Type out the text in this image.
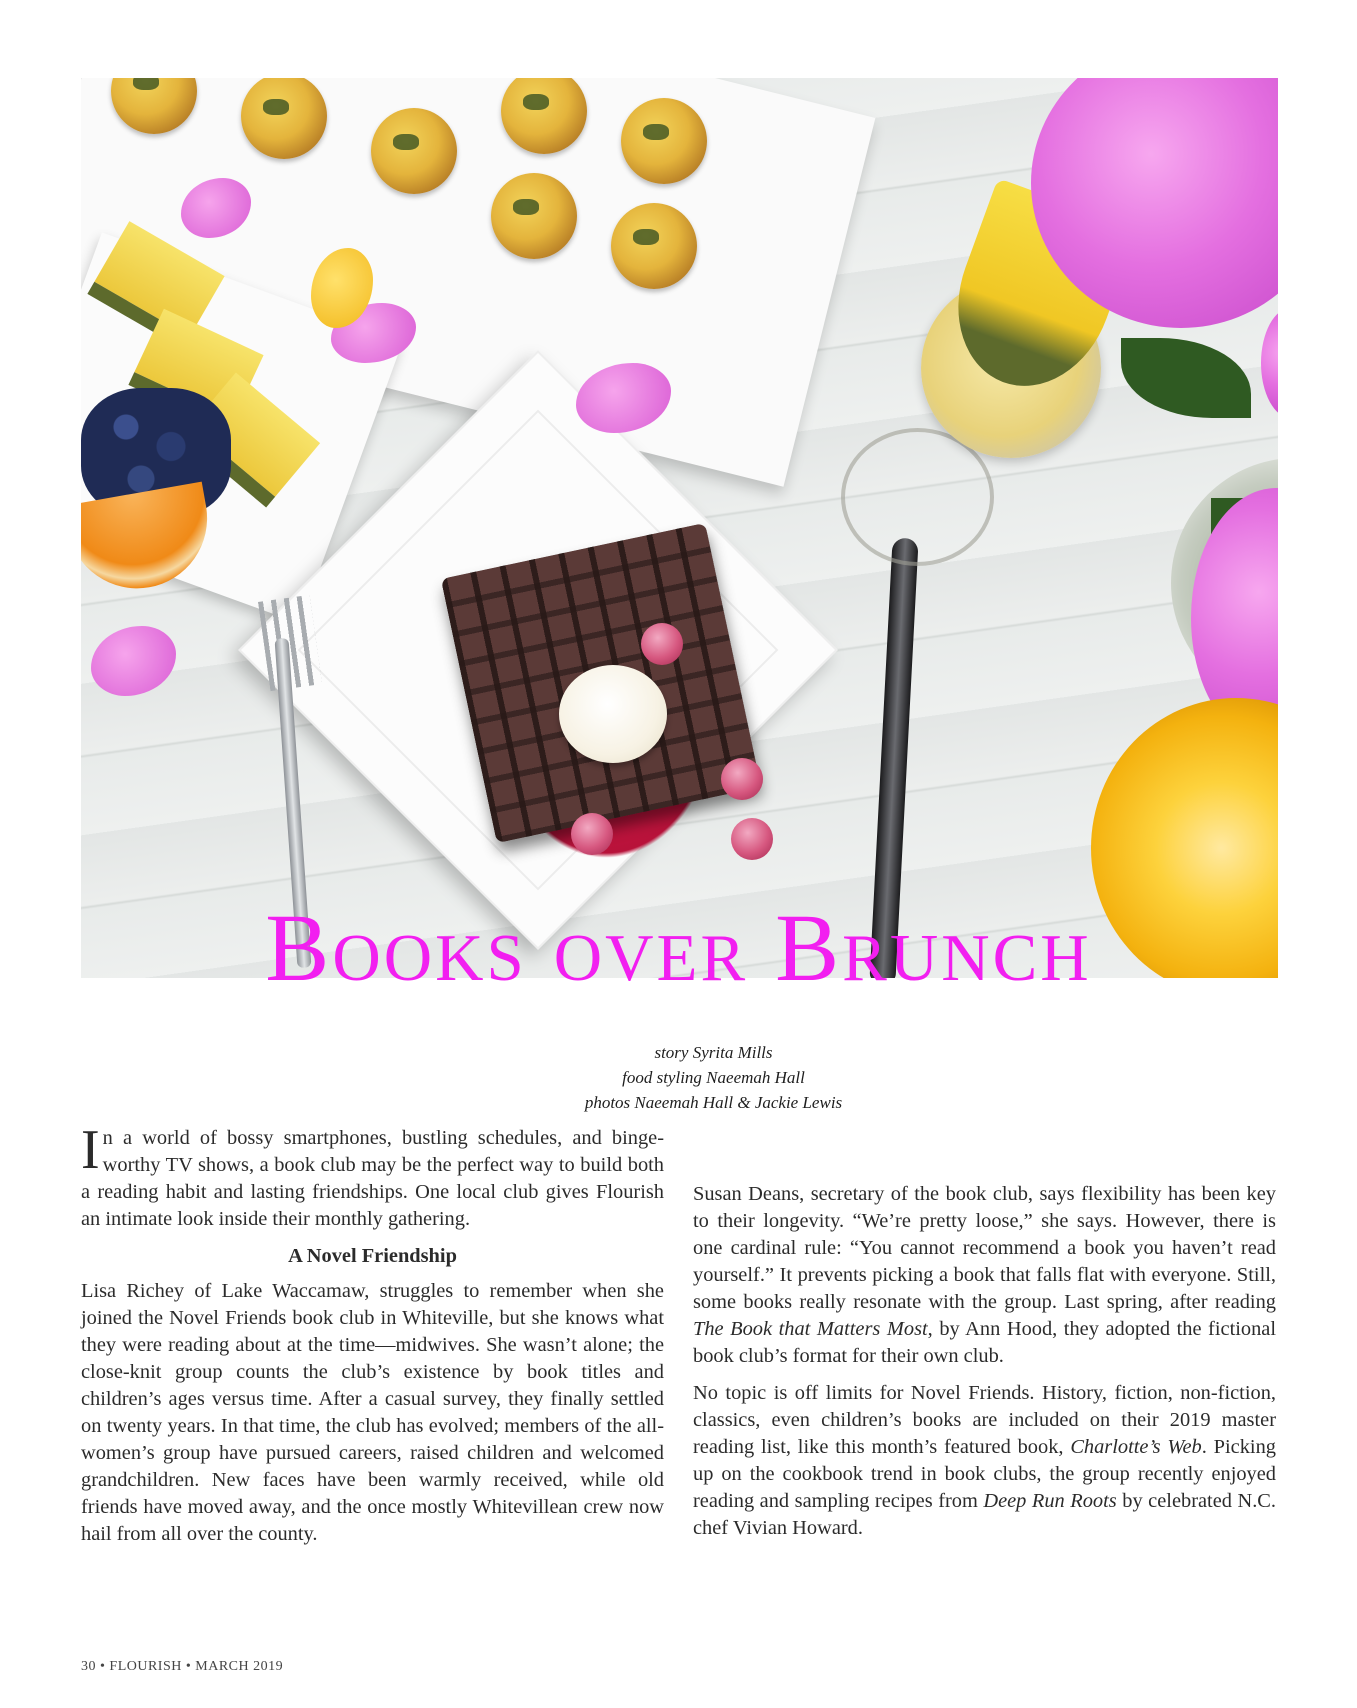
Books over Brunch
story Syrita Mills
food styling Naeemah Hall
photos Naeemah Hall & Jackie Lewis

In a world of bossy smartphones, bustling schedules, and binge-worthy TV shows, a book club may be the perfect way to build both a reading habit and lasting friendships. One local club gives Flourish an intimate look inside their monthly gathering.

A Novel Friendship

Lisa Richey of Lake Waccamaw, struggles to remember when she joined the Novel Friends book club in Whiteville, but she knows what they were reading about at the time—midwives. She wasn’t alone; the close-knit group counts the club’s existence by book titles and children’s ages versus time. After a casual survey, they finally settled on twenty years. In that time, the club has evolved; members of the all-women’s group have pursued careers, raised children and welcomed grandchildren. New faces have been warmly received, while old friends have moved away, and the once mostly Whitevillean crew now hail from all over the county.

Susan Deans, secretary of the book club, says flexibility has been key to their longevity. “We’re pretty loose,” she says. However, there is one cardinal rule: “You cannot recommend a book you haven’t read yourself.” It prevents picking a book that falls flat with everyone. Still, some books really resonate with the group. Last spring, after reading The Book that Matters Most, by Ann Hood, they adopted the fictional book club’s format for their own club.

No topic is off limits for Novel Friends. History, fiction, non-fiction, classics, even children’s books are included on their 2019 master reading list, like this month’s featured book, Charlotte’s Web. Picking up on the cookbook trend in book clubs, the group recently enjoyed reading and sampling recipes from Deep Run Roots by celebrated N.C. chef Vivian Howard.

30 • FLOURISH • MARCH 2019
